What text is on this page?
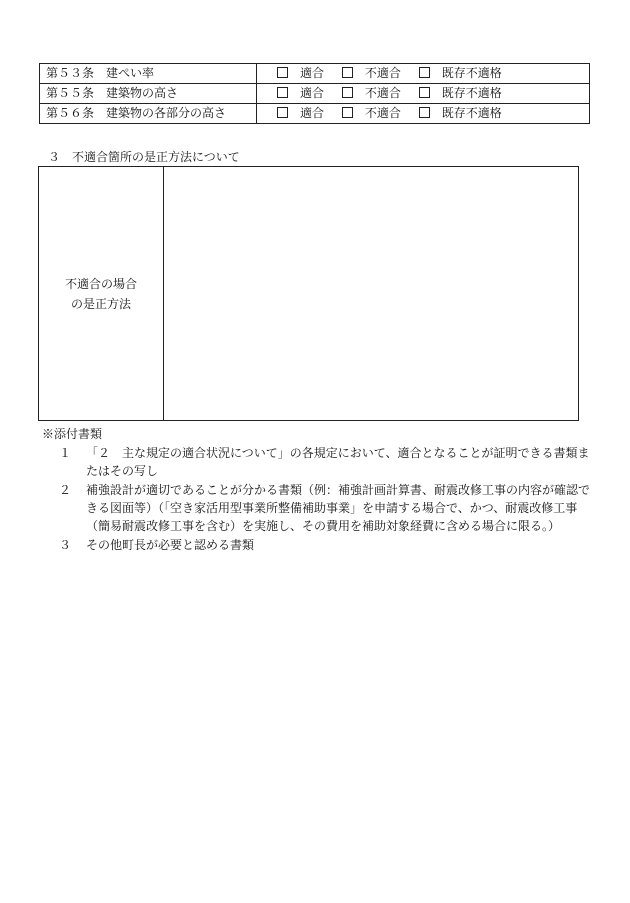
第５３条　建ぺい率	適合 不適合 既存不適格
第５５条　建築物の高さ	適合 不適合 既存不適格
第５６条　建築物の各部分の高さ	適合 不適合 既存不適格
３ 不適合箇所の是正方法について
不適合の場合
の是正方法
※添付書類
１	「２　主な規定の適合状況について」の各規定において、適合となることが証明できる書類またはその写し
２	補強設計が適切であることが分かる書類（例：補強計画計算書、耐震改修工事の内容が確認できる図面等）（「空き家活用型事業所整備補助事業」を申請する場合で、かつ、耐震改修工事（簡易耐震改修工事を含む）を実施し、その費用を補助対象経費に含める場合に限る。）
３	その他町長が必要と認める書類
